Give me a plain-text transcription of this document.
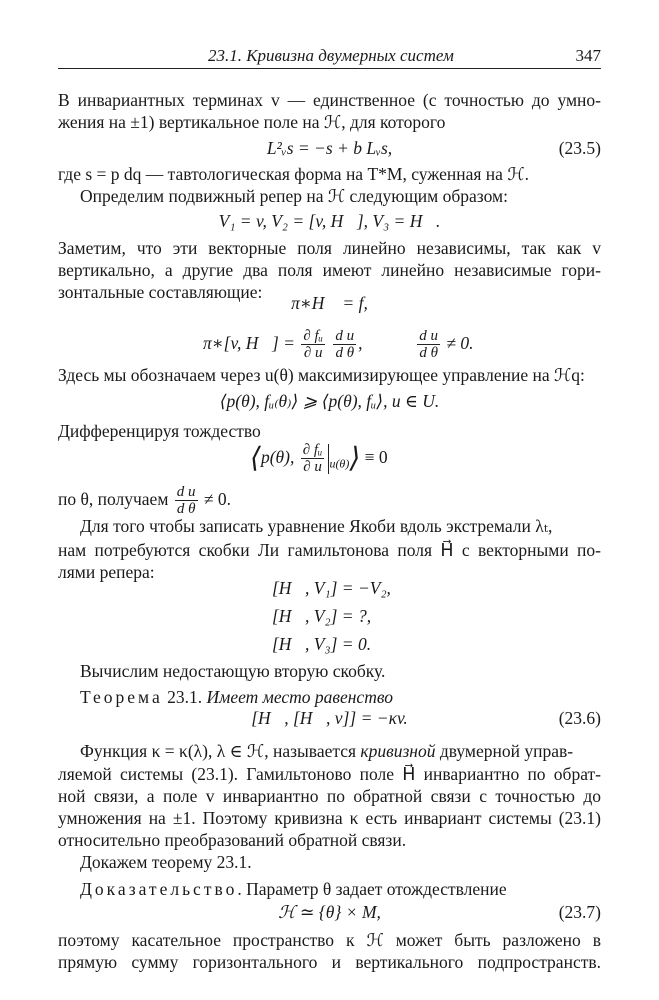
23.1. Кривизна двумерных систем	347
В инвариантных терминах v — единственное (с точностью до умно-
жения на ±1) вертикальное поле на ℋ, для которого
L²ᵥs = −s + b Lᵥs,	(23.5)
где s = p dq — тавтологическая форма на T*M, суженная на ℋ.
Определим подвижный репер на ℋ следующим образом:
V₁ = v, V₂ = [v, H⃗], V₃ = H⃗.
Заметим, что эти векторные поля линейно независимы, так как v
вертикально, а другие два поля имеют линейно независимые гори-
зонтальные составляющие:
π∗H⃗ = f,
π∗[v, H⃗] = $\frac{\text{∂ fᵤ}}{\partial u}$
$\frac{\text{d u}}{\text{d θ}}$ ,	$\frac{\text{d u}}{\text{d θ}} \ne 0$.
Здесь мы обозначаем через u(θ) максимизирующее управление на ℋq:
⟨p(θ), fᵤ₍θ₎⟩ ⩾ ⟨p(θ), fᵤ⟩, u ∈ U.
Дифференцируя тождество
⟨p(θ), $\frac{\text{∂ fᵤ}}{\partial u}$ $_{u(\theta)}$⟩ ≡ 0
по θ, получаем $\frac{\text{d u}}{\text{d θ}} \ne 0$.
Для того чтобы записать уравнение Якоби вдоль экстремали λₜ,
нам потребуются скобки Ли гамильтонова поля H⃗ с векторными по-
лями репера:
[H⃗, V₁] = −V₂,
[H⃗, V₂] = ?,
[H⃗, V₃] = 0.
Вычислим недостающую вторую скобку.
Теорема 23.1. Имеет место равенство
[H⃗, [H⃗, v]] = −κv.	(23.6)
Функция κ = κ(λ), λ ∈ ℋ, называется кривизной двумерной управ-
ляемой системы (23.1). Гамильтоново поле H⃗ инвариантно по обрат-
ной связи, а поле v инвариантно по обратной связи с точностью до
умножения на ±1. Поэтому кривизна κ есть инвариант системы (23.1)
относительно преобразований обратной связи.
Докажем теорему 23.1.
Доказательство. Параметр θ задает отождествление
ℋ ≃ {θ} × M,	(23.7)
поэтому касательное пространство к ℋ может быть разложено в
прямую сумму горизонтального и вертикального подпространств.
